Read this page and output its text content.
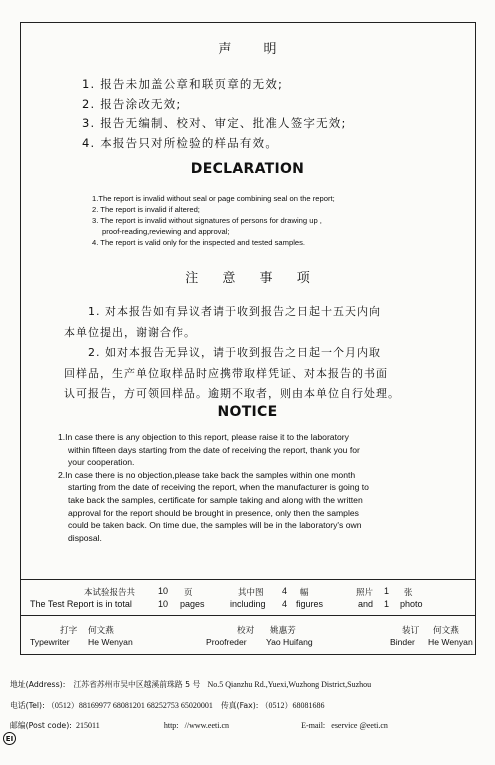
声 明
1. 报告未加盖公章和联页章的无效;
2. 报告涂改无效;
3. 报告无编制、校对、审定、批准人签字无效;
4. 本报告只对所检验的样品有效。
DECLARATION
1.The report is invalid without seal or page combining seal on the report;
2. The report is invalid if altered;
3. The report is invalid without signatures of persons for drawing up ,
proof-reading,reviewing and approval;
4. The report is valid only for the inspected and tested samples.
注 意 事 项
1. 对本报告如有异议者请于收到报告之日起十五天内向
本单位提出，谢谢合作。
2. 如对本报告无异议，请于收到报告之日起一个月内取
回样品，生产单位取样品时应携带取样凭证、对本报告的书面
认可报告，方可领回样品。逾期不取者，则由本单位自行处理。
NOTICE
1.In case there is any objection to this report, please raise it to the laboratory
within fifteen days starting from the date of receiving the report, thank you for
your cooperation.
2.In case there is no objection,please take back the samples within one month
starting from the date of receiving the report, when the manufacturer is going to
take back the samples, certificate for sample taking and along with the written
approval for the report should be brought in presence, only then the samples
could be taken back. On time due, the samples will be in the laboratory's own
disposal.
本试验报告共
The Test Report is in total
10
10
页
pages
其中图
including
4
4
幅
figures
照片
and
1
1
张
photo
打字 何文燕
Typewriter He Wenyan
校对 姚惠芳
Proofreder Yao Huifang
装订 何文燕
Binder He Wenyan
地址(Address): 江苏省苏州市吴中区越溪前珠路 5 号 No.5 Qianzhu Rd.,Yuexi,Wuzhong District,Suzhou
电话(Tel): （0512）88169977 68081201 68252753 65020001 传真(Fax): （0512）68081686
邮编(Post code): 215011	http: //www.eeti.cn	E-mail: eservice @eeti.cn
EI
